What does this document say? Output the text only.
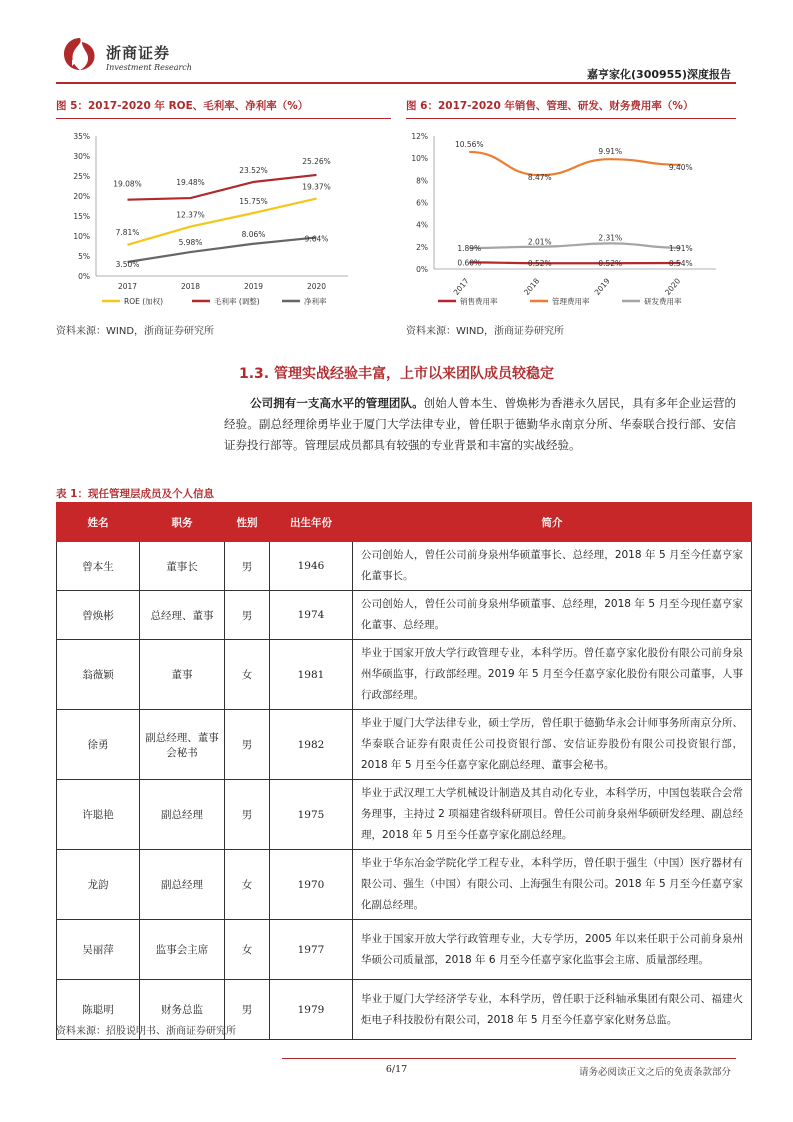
浙商证券
Investment Research
嘉亨家化(300955)深度报告
图 5：2017-2020 年 ROE、毛利率、净利率（%）
0%
5%
10%
15%
20%
25%
30%
35%
2017	2018	2019	2020
7.81%
12.37%
15.75%
19.37%
19.08%	19.48%
23.52%
25.26%
3.50%
5.98%
8.06%
9.64%
ROE (加权)	毛利率 (调整)	净利率
资料来源：WIND，浙商证券研究所
图 6：2017-2020 年销售、管理、研发、财务费用率（%）
0%
2%
4%
6%
8%
10%
12%
2017	2018	2019	2020
0.60%	0.52%	0.52%	0.54%
10.56%
8.47%
9.91%
9.40%
1.89%
2.01%	2.31%
1.91%
销售费用率	管理费用率	研发费用率
资料来源：WIND，浙商证券研究所
1.3. 管理实战经验丰富，上市以来团队成员较稳定
公司拥有一支高水平的管理团队。创始人曾本生、曾焕彬为香港永久居民，具有多年企业运营的经验。副总经理徐勇毕业于厦门大学法律专业，曾任职于德勤华永南京分所、华泰联合投行部、安信证券投行部等。管理层成员都具有较强的专业背景和丰富的实战经验。
表 1：现任管理层成员及个人信息
姓名	职务	性别	出生年份	简介
曾本生	董事长	男	1946	公司创始人，曾任公司前身泉州华硕董事长、总经理，2018 年 5 月至今任嘉亨家化董事长。
曾焕彬	总经理、董事	男	1974	公司创始人，曾任公司前身泉州华硕董事、总经理，2018 年 5 月至今现任嘉亨家化董事、总经理。
翁薇颖	董事	女	1981	毕业于国家开放大学行政管理专业，本科学历。曾任嘉亨家化股份有限公司前身泉州华硕监事，行政部经理。2019 年 5 月至今任嘉亨家化股份有限公司董事，人事行政部经理。
徐勇	副总经理、董事会秘书	男	1982	毕业于厦门大学法律专业，硕士学历，曾任职于德勤华永会计师事务所南京分所、华泰联合证券有限责任公司投资银行部、安信证券股份有限公司投资银行部，2018 年 5 月至今任嘉亨家化副总经理、董事会秘书。
许聪艳	副总经理	男	1975	毕业于武汉理工大学机械设计制造及其自动化专业，本科学历，中国包装联合会常务理事，主持过 2 项福建省级科研项目。曾任公司前身泉州华硕研发经理、副总经理，2018 年 5 月至今任嘉亨家化副总经理。
龙韵	副总经理	女	1970	毕业于华东冶金学院化学工程专业，本科学历，曾任职于强生（中国）医疗器材有限公司、强生（中国）有限公司、上海强生有限公司。2018 年 5 月至今任嘉亨家化副总经理。
吴丽萍	监事会主席	女	1977	毕业于国家开放大学行政管理专业，大专学历，2005 年以来任职于公司前身泉州华硕公司质量部，2018 年 6 月至今任嘉亨家化监事会主席、质量部经理。
陈聪明	财务总监	男	1979	毕业于厦门大学经济学专业，本科学历，曾任职于泛科轴承集团有限公司、福建火炬电子科技股份有限公司，2018 年 5 月至今任嘉亨家化财务总监。
资料来源：招股说明书、浙商证券研究所
6/17	请务必阅读正文之后的免责条款部分
